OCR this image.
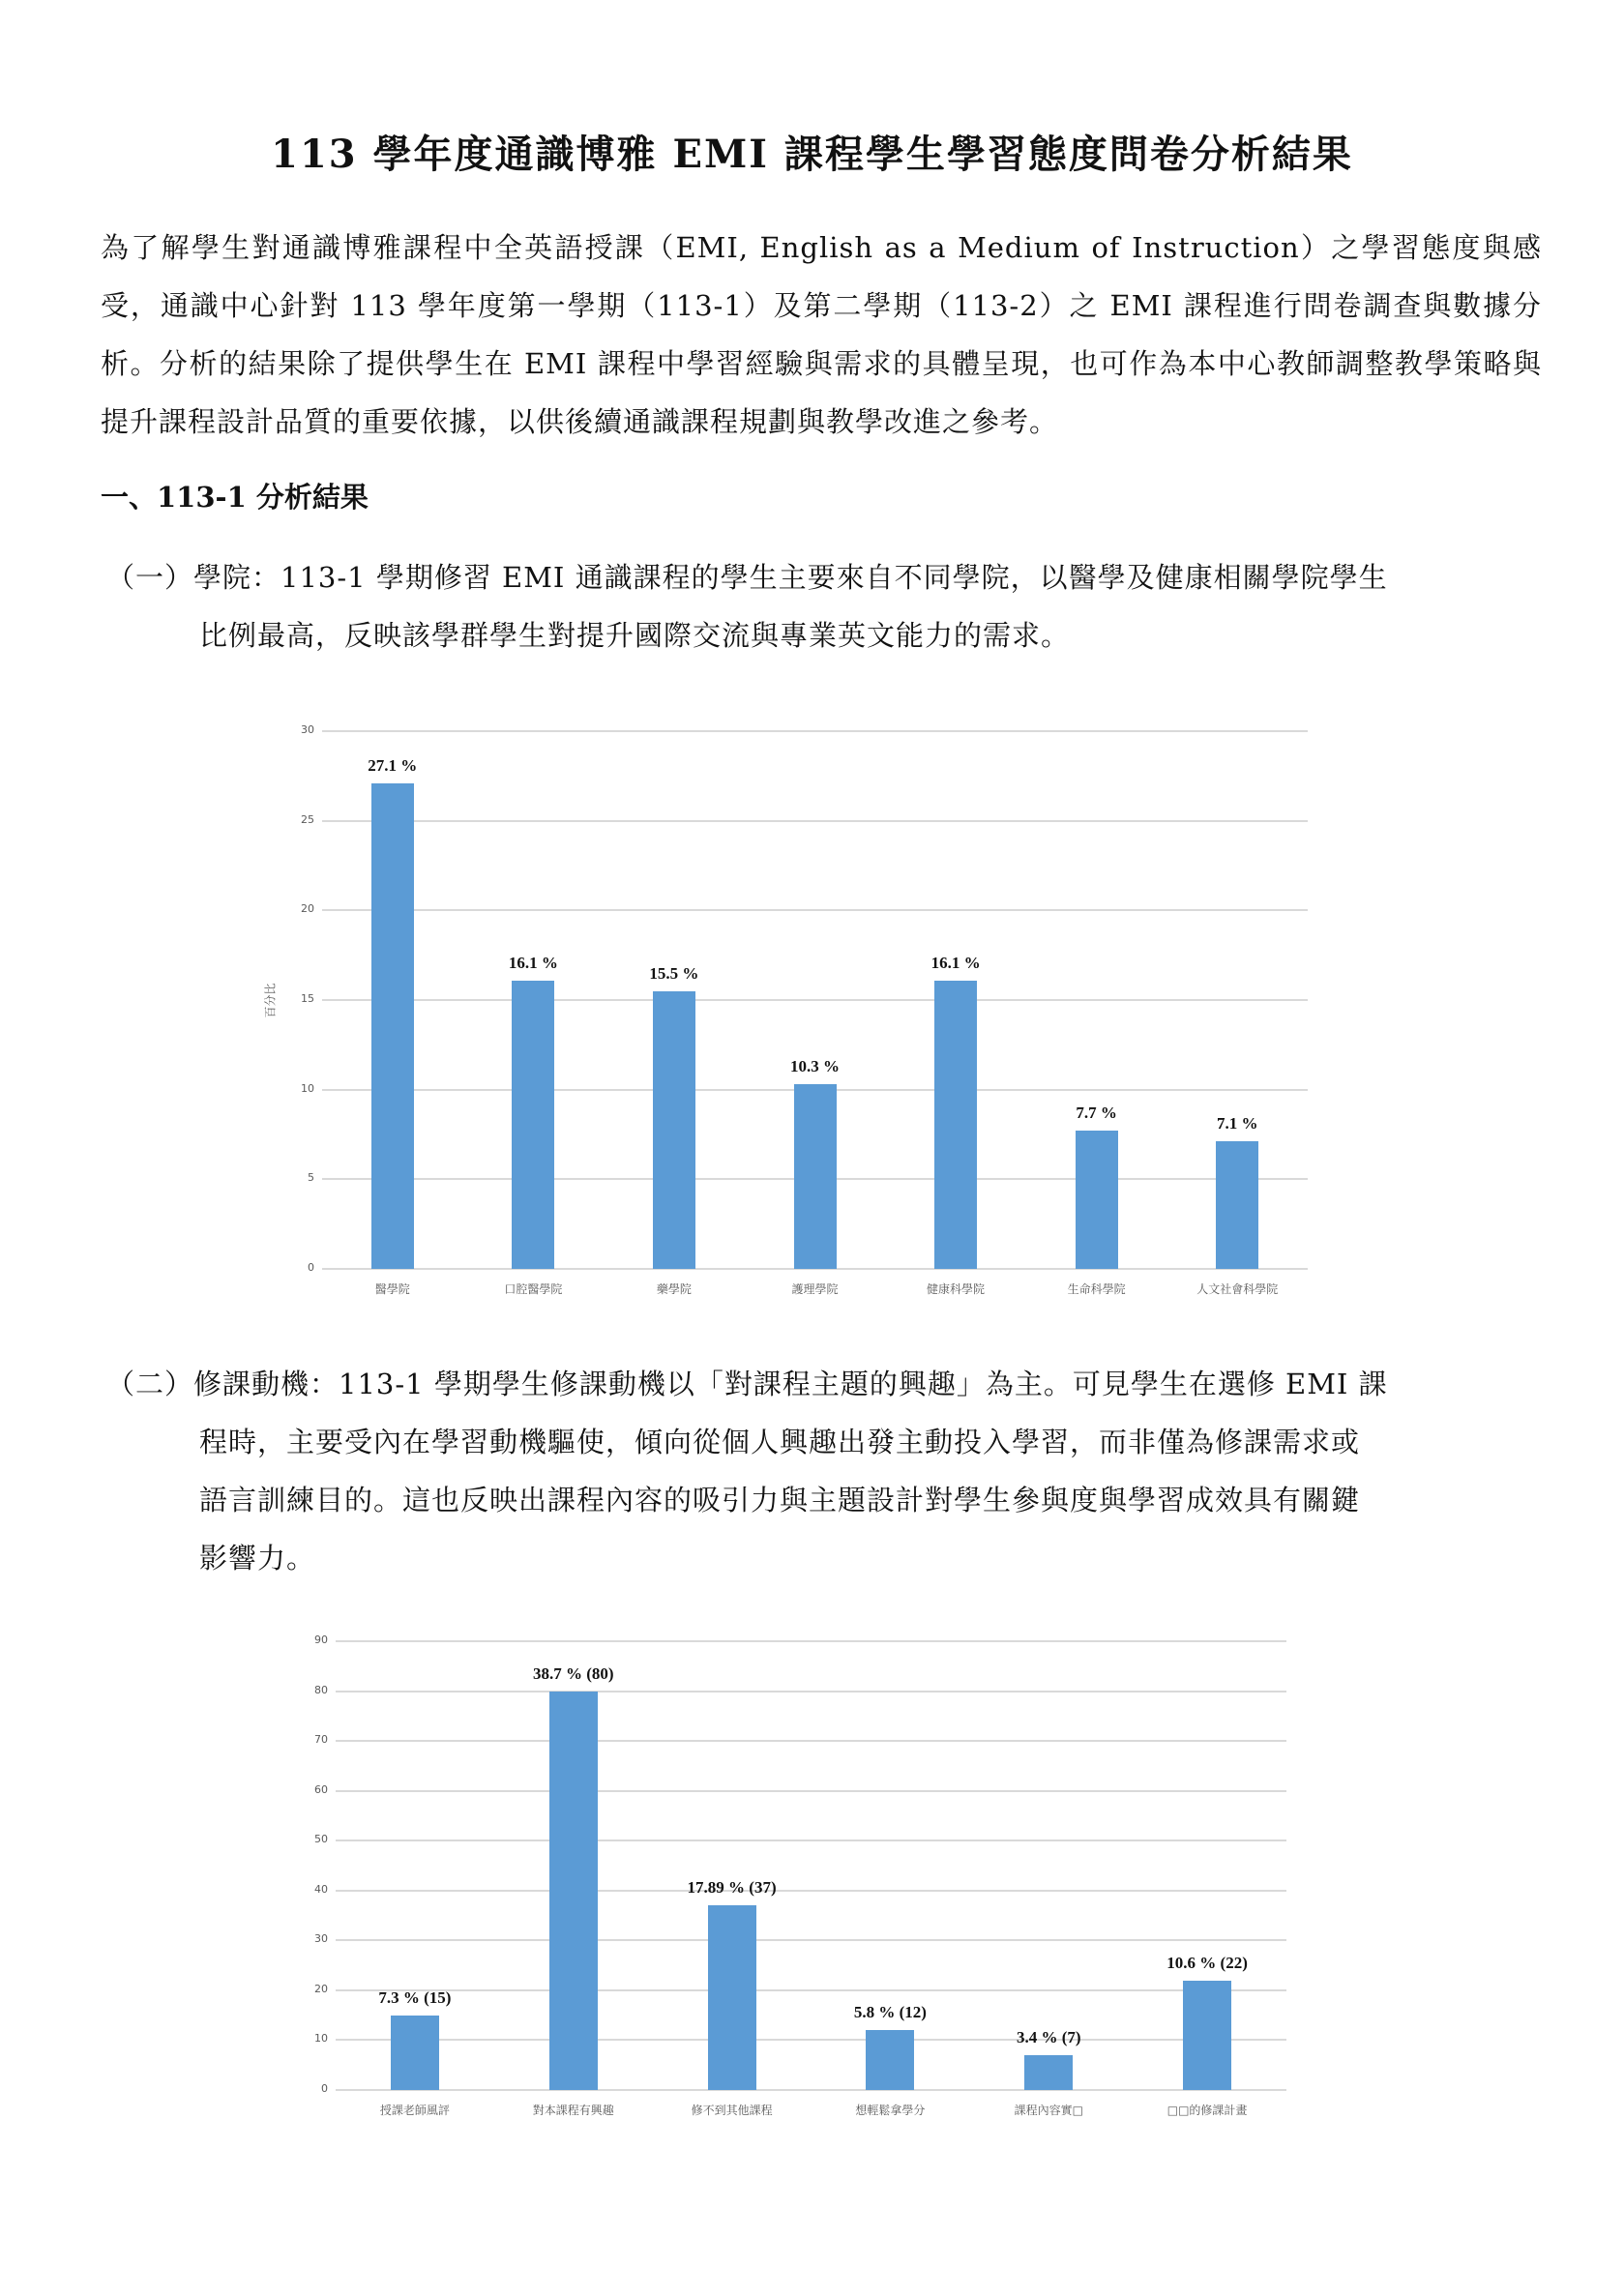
113 學年度通識博雅 EMI 課程學生學習態度問卷分析結果
為了解學生對通識博雅課程中全英語授課（EMI, English as a Medium of Instruction）之學習態度與感受，通識中心針對 113 學年度第一學期（113-1）及第二學期（113-2）之 EMI 課程進行問卷調查與數據分析。分析的結果除了提供學生在 EMI 課程中學習經驗與需求的具體呈現，也可作為本中心教師調整教學策略與提升課程設計品質的重要依據，以供後續通識課程規劃與教學改進之參考。
一、113-1 分析結果
（一）學院：113-1 學期修習 EMI 通識課程的學生主要來自不同學院，以醫學及健康相關學院學生
比例最高，反映該學群學生對提升國際交流與專業英文能力的需求。
0
5
10
15
20
25
30
百分比
27.1 %
醫學院
16.1 %
口腔醫學院
15.5 %
藥學院
10.3 %
護理學院
16.1 %
健康科學院
7.7 %
生命科學院
7.1 %
人文社會科學院
（二）修課動機：113-1 學期學生修課動機以「對課程主題的興趣」為主。可見學生在選修 EMI 課
程時，主要受內在學習動機驅使，傾向從個人興趣出發主動投入學習，而非僅為修課需求或
語言訓練目的。這也反映出課程內容的吸引力與主題設計對學生參與度與學習成效具有關鍵
影響力。
0
10
20
30
40
50
60
70
80
90
7.3 % (15)
授課老師風評
38.7 % (80)
對本課程有興趣
17.89 % (37)
修不到其他課程
5.8 % (12)
想輕鬆拿學分
3.4 % (7)
課程內容實□
10.6 % (22)
□□的修課計畫
